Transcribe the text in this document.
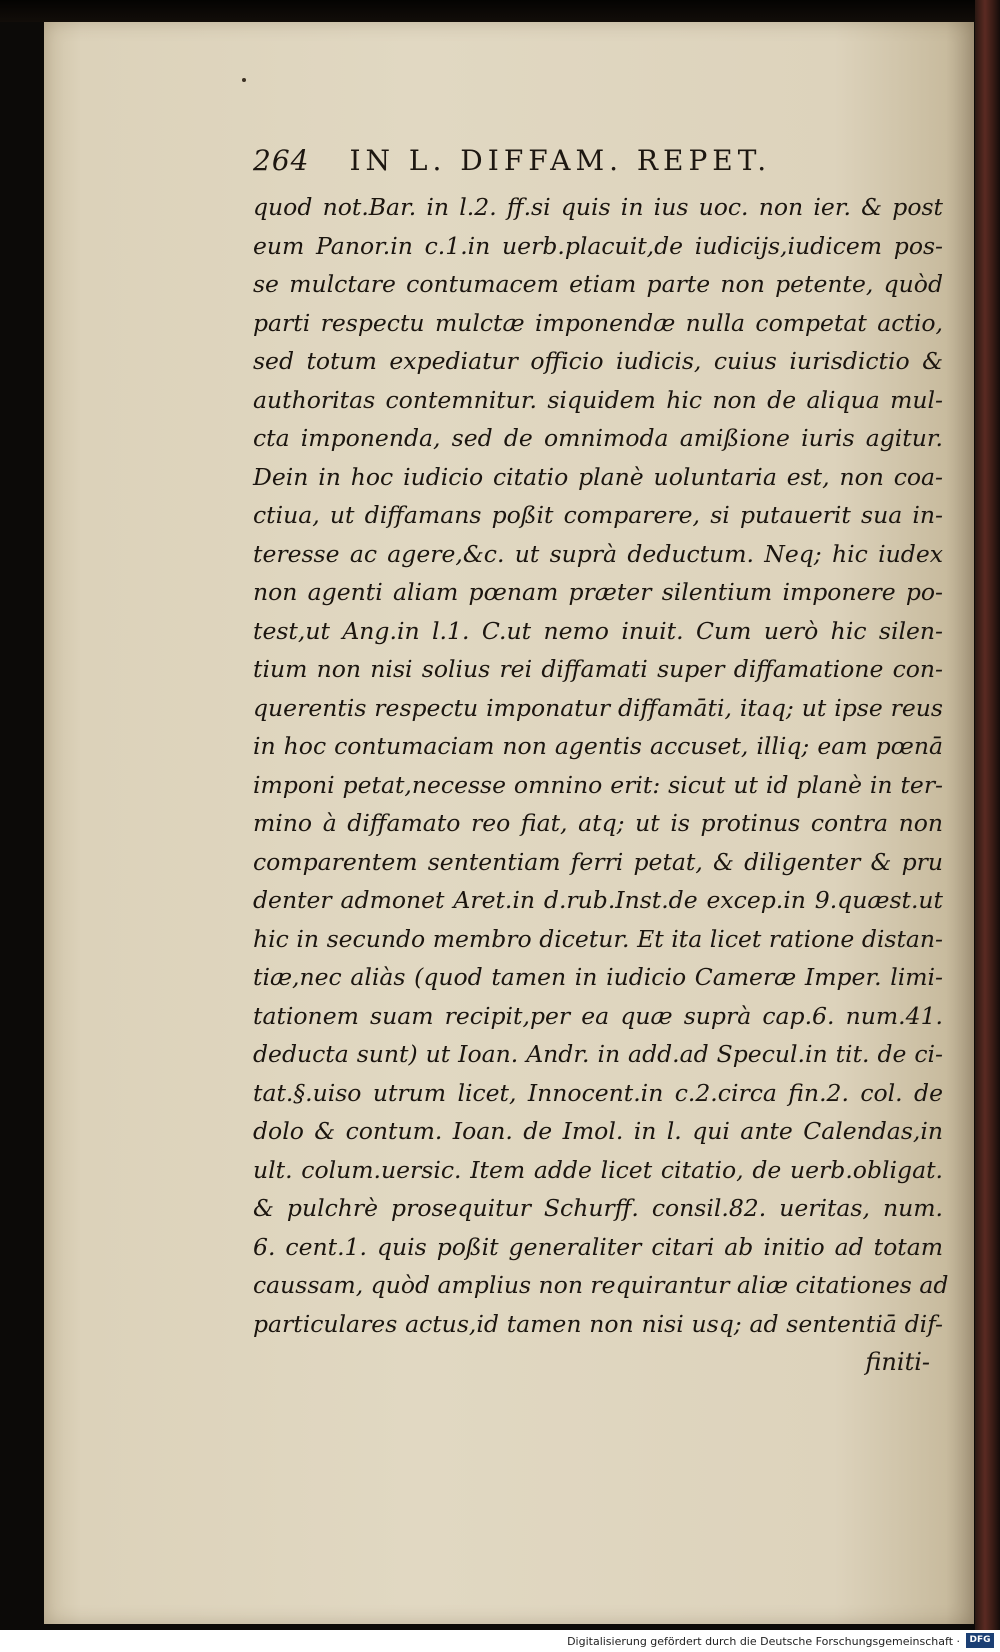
264 IN L. DIFFAM. REPET.
quod not.Bar. in l.2. ff.si quis in ius uoc. non ier. & post
eum Panor.in c.1.in uerb.placuit,de iudicijs,iudicem pos-
se mulctare contumacem etiam parte non petente, quòd
parti respectu mulctæ imponendæ nulla competat actio,
sed totum expediatur officio iudicis, cuius iurisdictio &
authoritas contemnitur. siquidem hic non de aliqua mul-
cta imponenda, sed de omnimoda amißione iuris agitur.
Dein in hoc iudicio citatio planè uoluntaria est, non coa-
ctiua, ut diffamans poßit comparere, si putauerit sua in-
teresse ac agere,&c. ut suprà deductum. Neq; hic iudex
non agenti aliam pœnam præter silentium imponere po-
test,ut Ang.in l.1. C.ut nemo inuit. Cum uerò hic silen-
tium non nisi solius rei diffamati super diffamatione con-
querentis respectu imponatur diffamāti, itaq; ut ipse reus
in hoc contumaciam non agentis accuset, illiq; eam pœnā
imponi petat,necesse omnino erit: sicut ut id planè in ter-
mino à diffamato reo fiat, atq; ut is protinus contra non
comparentem sententiam ferri petat, & diligenter & pru
denter admonet Aret.in d.rub.Inst.de excep.in 9.quæst.ut
hic in secundo membro dicetur. Et ita licet ratione distan-
tiæ,nec aliàs (quod tamen in iudicio Cameræ Imper. limi-
tationem suam recipit,per ea quæ suprà cap.6. num.41.
deducta sunt) ut Ioan. Andr. in add.ad Specul.in tit. de ci-
tat.§.uiso utrum licet, Innocent.in c.2.circa fin.2. col. de
dolo & contum. Ioan. de Imol. in l. qui ante Calendas,in
ult. colum.uersic. Item adde licet citatio, de uerb.obligat.
& pulchrè prosequitur Schurff. consil.82. ueritas, num.
6. cent.1. quis poßit generaliter citari ab initio ad totam
caussam, quòd amplius non requirantur aliæ citationes ad
particulares actus,id tamen non nisi usq; ad sententiā dif-
finiti-
Digitalisierung gefördert durch die Deutsche Forschungsgemeinschaft ·	DFG
